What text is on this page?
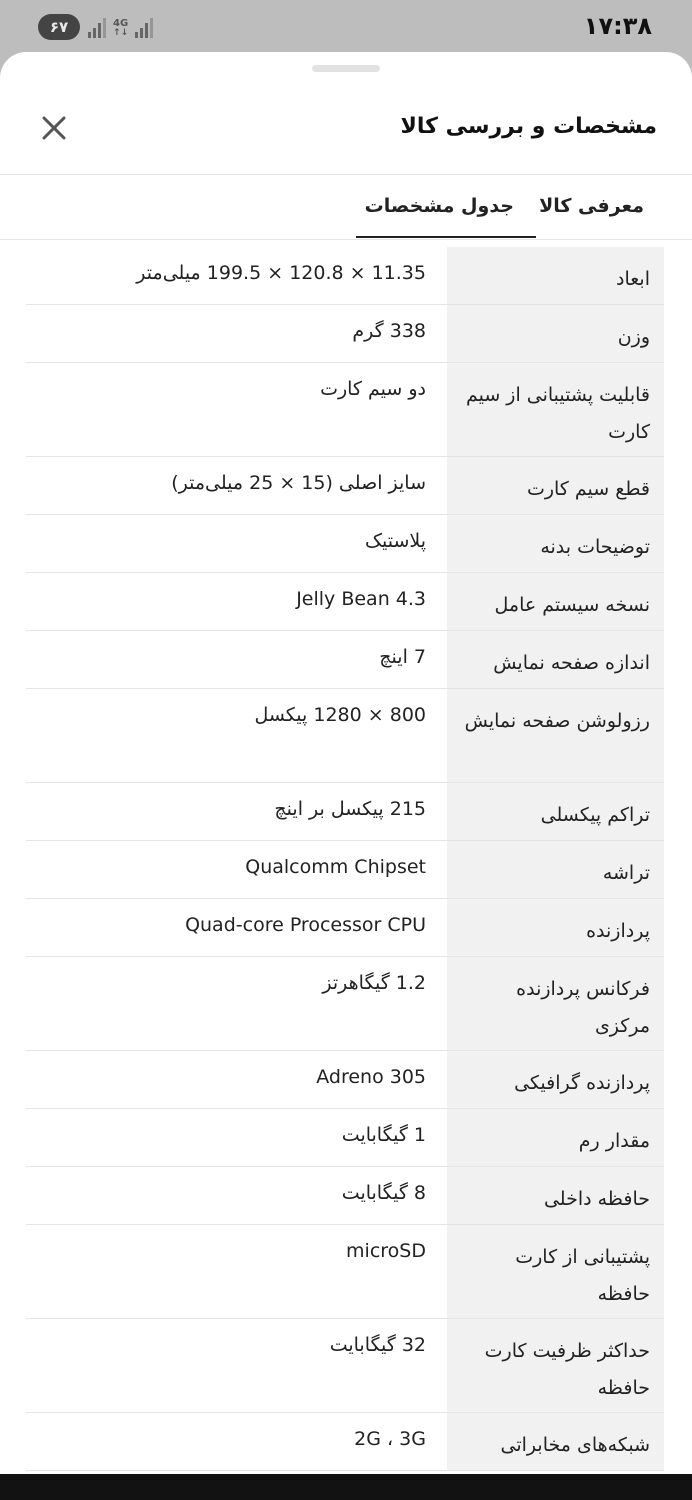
۶۷	4G
↑↓	۱۷:۳۸
مشخصات و بررسی کالا
معرفی کالا
جدول مشخصات
ابعاد
11.35 × 120.8 × 199.5 میلی‌متر
وزن
338 گرم
قابلیت پشتیبانی از سیم کارت
دو سیم کارت
قطع سیم کارت
سایز اصلی (15 × 25 میلی‌متر)
توضیحات بدنه
پلاستیک
نسخه سیستم عامل
4.3 Jelly Bean
اندازه صفحه نمایش
7 اینچ
رزولوشن صفحه نمایش
800 × 1280 پیکسل
تراکم پیکسلی
215 پیکسل بر اینچ
تراشه
Qualcomm Chipset
پردازنده
Quad-core Processor CPU
فرکانس پردازنده مرکزی
1.2 گیگاهرتز
پردازنده گرافیکی
Adreno 305
مقدار رم
1 گیگابایت
حافظه داخلی
8 گیگابایت
پشتیبانی از کارت حافظه
microSD
حداکثر ظرفیت کارت حافظه
32 گیگابایت
شبکه‌های مخابراتی
2G ، 3G
